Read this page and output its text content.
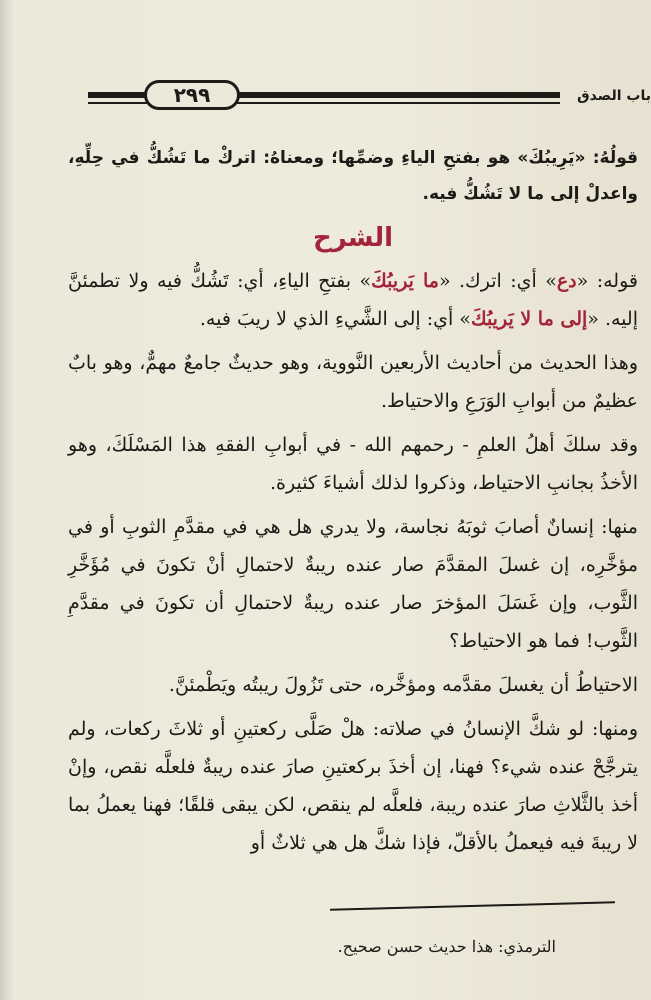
٢٩٩	باب الصدق

قولُهُ: «يَرِيبُكَ» هو بفتحِ الياءِ وضمِّها؛ ومعناهُ: اتركْ ما تَشُكُّ في حِلِّهِ، واعدلْ إلى ما لا تَشُكُّ فيه.

الشرح

قوله: «دع» أي: اترك. «ما يَريبُكَ» بفتحِ الياءِ، أي: تَشُكُّ فيه ولا تطمئنَّ إليه. «إلى ما لا يَريبُكَ» أي: إلى الشَّيءِ الذي لا ريبَ فيه.

وهذا الحديث من أحاديث الأربعين النَّووية، وهو حديثٌ جامعٌ مهمٌّ، وهو بابٌ عظيمٌ من أبوابِ الوَرَعِ والاحتياط.

وقد سلكَ أهلُ العلمِ - رحمهم الله - في أبوابِ الفقهِ هذا المَسْلَكَ، وهو الأخذُ بجانبِ الاحتياط، وذكروا لذلك أشياءَ كثيرة.

منها: إنسانٌ أصابَ ثوبَهُ نجاسة، ولا يدري هل هي في مقدَّمِ الثوبِ أو في مؤخَّرِه، إن غسلَ المقدَّمَ صار عنده ريبةٌ لاحتمالِ أنْ تكونَ في مُؤَخَّرِ الثَّوب، وإن غَسَلَ المؤخرَ صار عنده ريبةٌ لاحتمالِ أن تكونَ في مقدَّمِ الثَّوب! فما هو الاحتياط؟

الاحتياطُ أن يغسلَ مقدَّمه ومؤخَّره، حتى تَزُولَ ريبتُه ويَطْمئنَّ.

ومنها: لو شكَّ الإنسانُ في صلاته: هلْ صَلَّى ركعتينِ أو ثلاثَ ركعات، ولم يترجَّحْ عنده شيء؟ فهنا، إن أخذَ بركعتينِ صارَ عنده ريبةٌ فلعلَّه نقص، وإنْ أخذ بالثَّلاثِ صارَ عنده ريبة، فلعلَّه لم ينقص، لكن يبقى قلقًا؛ فهنا يعملُ بما لا ريبةَ فيه فيعملُ بالأقلّ، فإذا شكَّ هل هي ثلاثٌ أو

الترمذي: هذا حديث حسن صحيح.
